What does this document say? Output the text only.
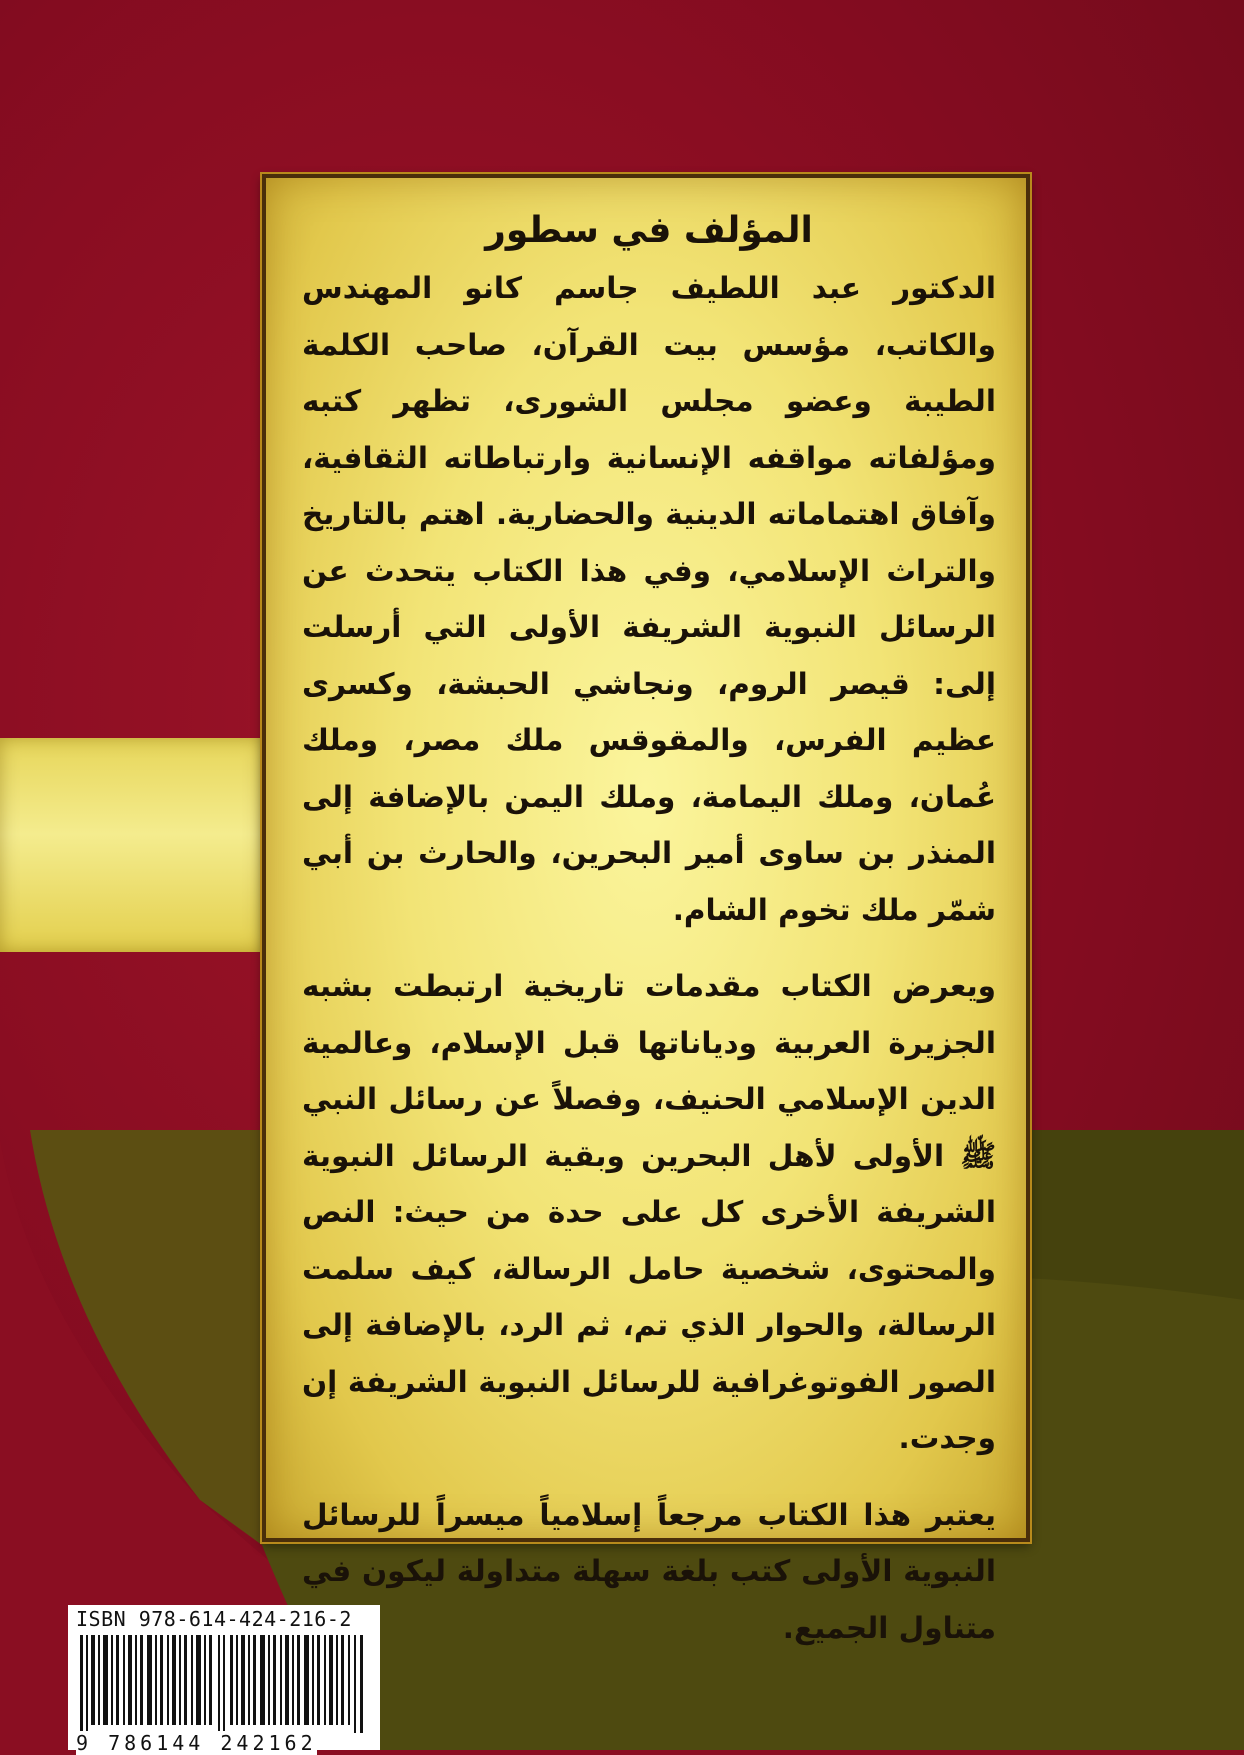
المؤلف في سطور

الدكتور عبد اللطيف جاسم كانو المهندس والكاتب، مؤسس بيت القرآن، صاحب الكلمة الطيبة وعضو مجلس الشورى، تظهر كتبه ومؤلفاته مواقفه الإنسانية وارتباطاته الثقافية، وآفاق اهتماماته الدينية والحضارية. اهتم بالتاريخ والتراث الإسلامي، وفي هذا الكتاب يتحدث عن الرسائل النبوية الشريفة الأولى التي أرسلت إلى: قيصر الروم، ونجاشي الحبشة، وكسرى عظيم الفرس، والمقوقس ملك مصر، وملك عُمان، وملك اليمامة، وملك اليمن بالإضافة إلى المنذر بن ساوى أمير البحرين، والحارث بن أبي شمّر ملك تخوم الشام.

ويعرض الكتاب مقدمات تاريخية ارتبطت بشبه الجزيرة العربية ودياناتها قبل الإسلام، وعالمية الدين الإسلامي الحنيف، وفصلاً عن رسائل النبي ﷺ الأولى لأهل البحرين وبقية الرسائل النبوية الشريفة الأخرى كل على حدة من حيث: النص والمحتوى، شخصية حامل الرسالة، كيف سلمت الرسالة، والحوار الذي تم، ثم الرد، بالإضافة إلى الصور الفوتوغرافية للرسائل النبوية الشريفة إن وجدت.

يعتبر هذا الكتاب مرجعاً إسلامياً ميسراً للرسائل النبوية الأولى كتب بلغة سهلة متداولة ليكون في متناول الجميع.

ISBN 978-614-424-216-2
9 786144 242162
